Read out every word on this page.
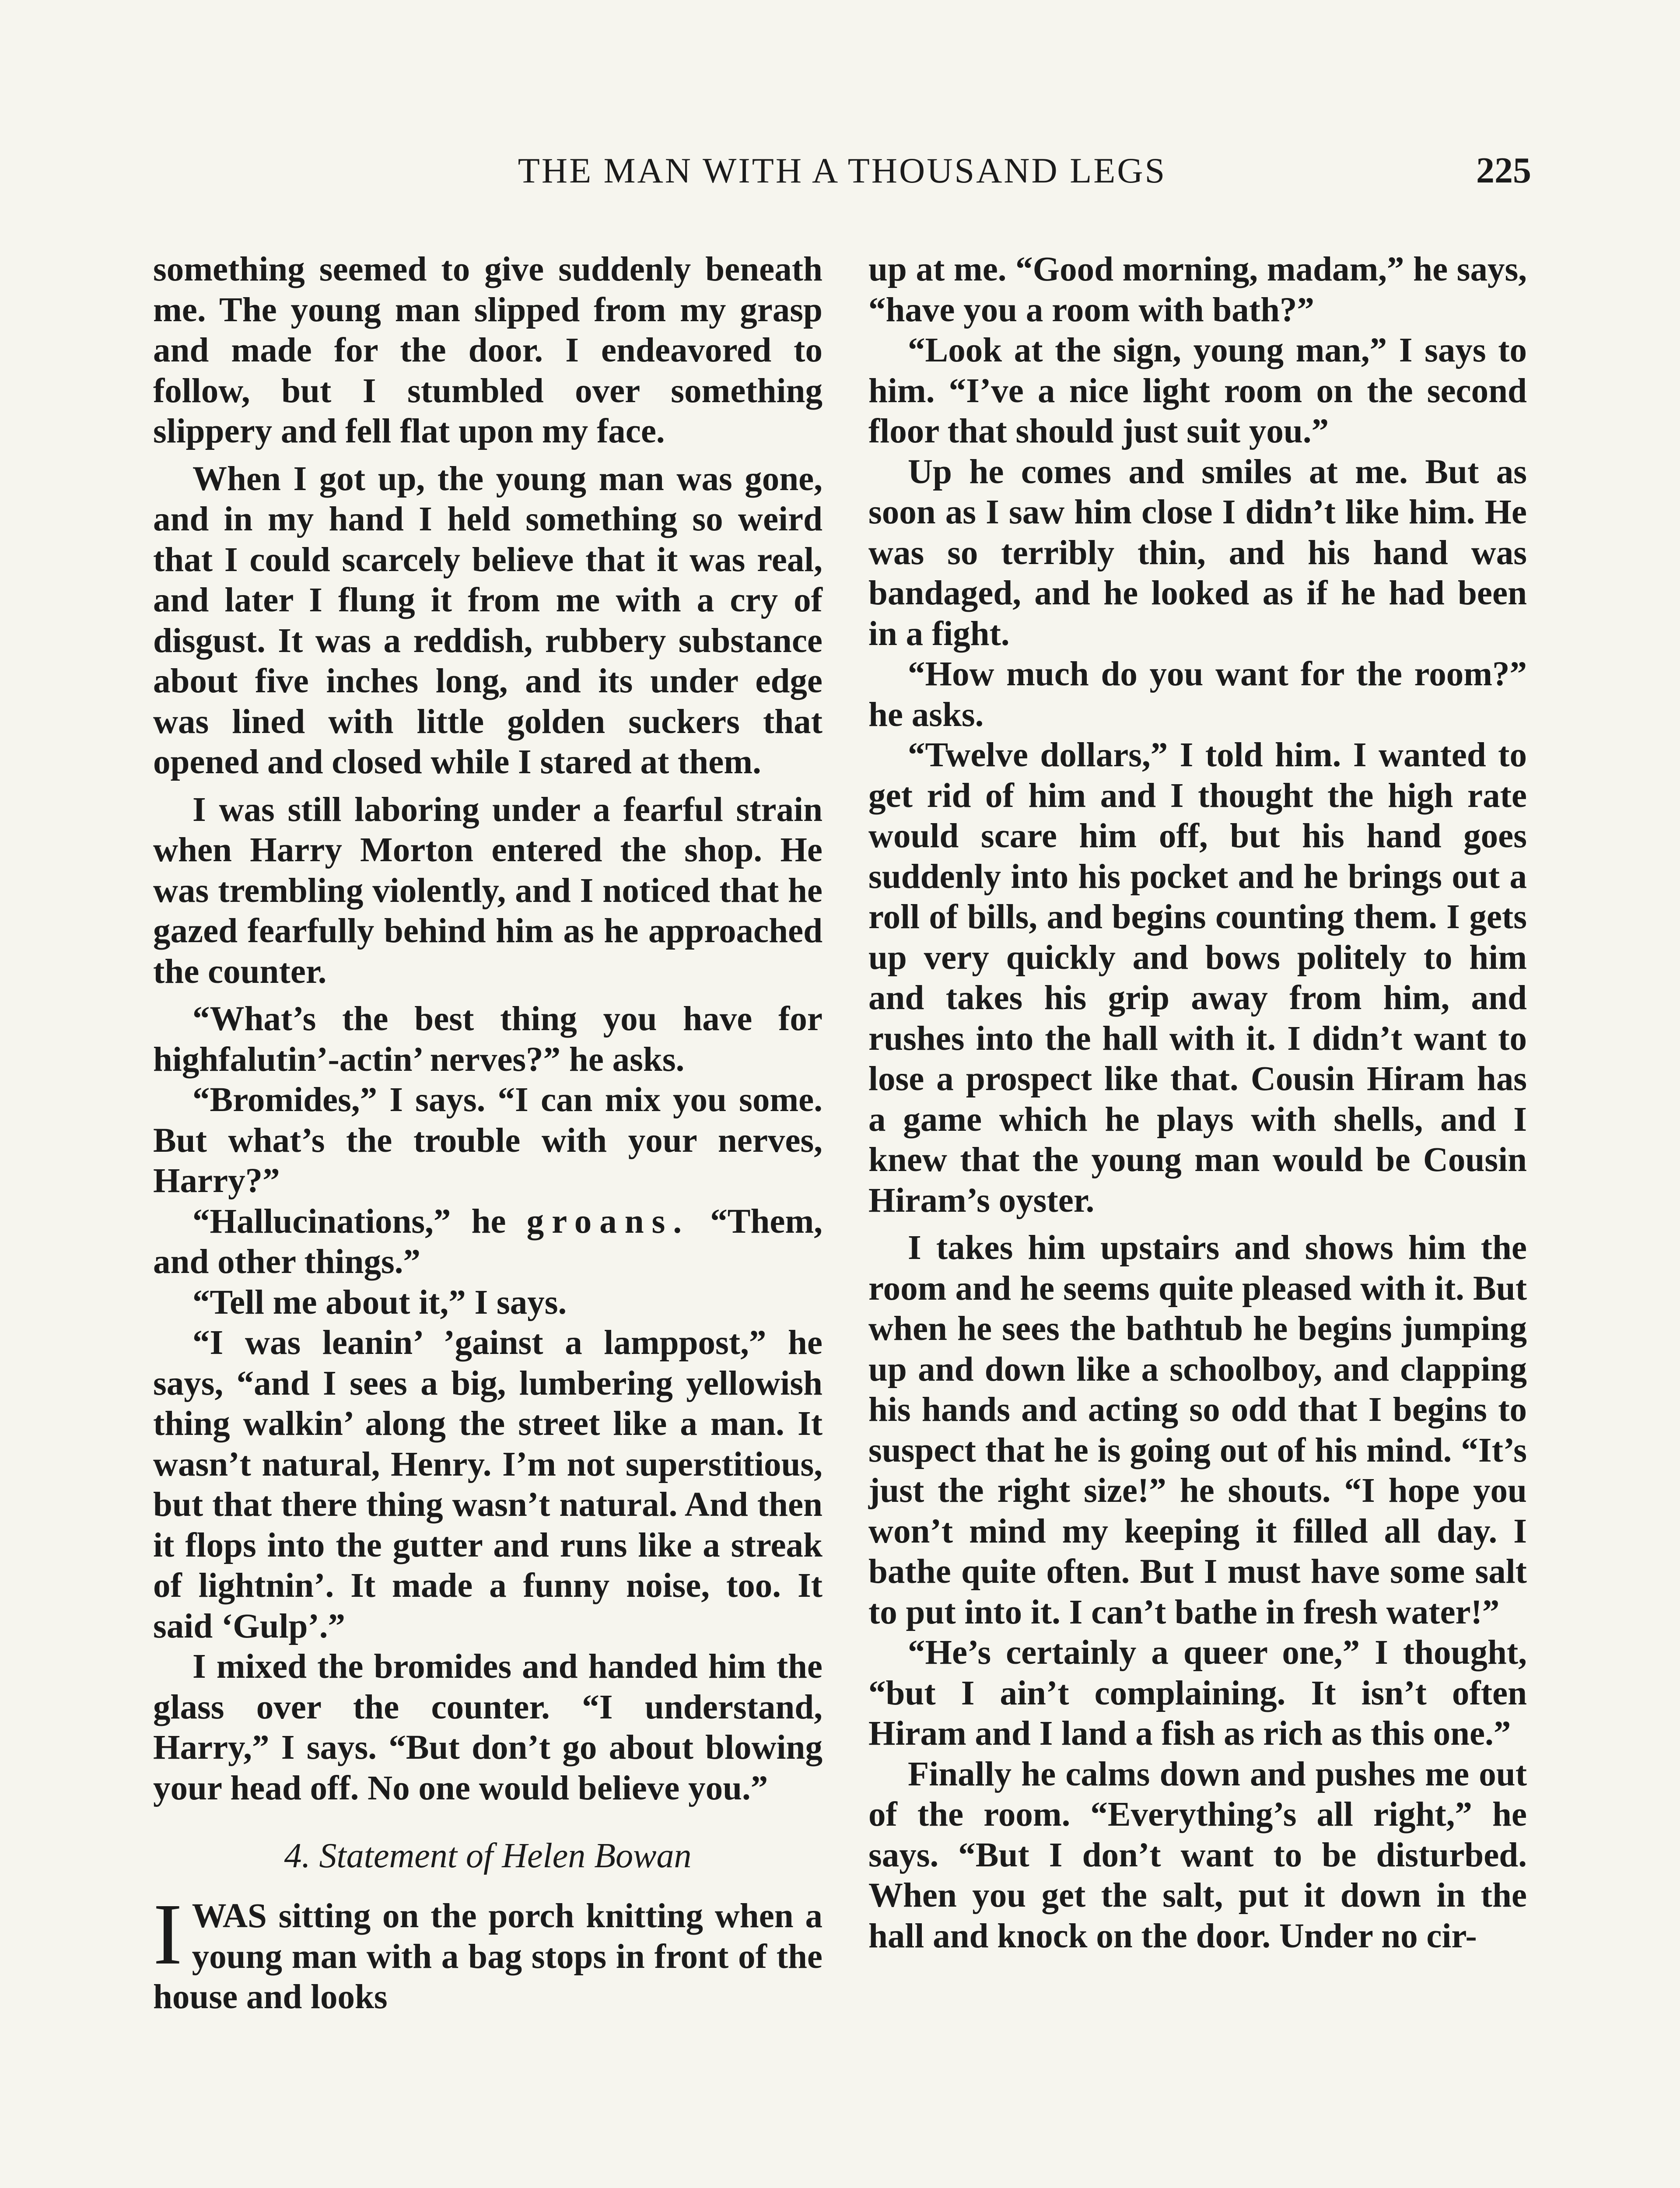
THE MAN WITH A THOUSAND LEGS	225

something seemed to give suddenly beneath me. The young man slipped from my grasp and made for the door. I endeavored to follow, but I stumbled over something slippery and fell flat upon my face.

When I got up, the young man was gone, and in my hand I held something so weird that I could scarcely believe that it was real, and later I flung it from me with a cry of disgust. It was a reddish, rubbery substance about five inches long, and its under edge was lined with little golden suckers that opened and closed while I stared at them.

I was still laboring under a fearful strain when Harry Morton entered the shop. He was trembling violently, and I noticed that he gazed fearfully behind him as he approached the counter.

“What’s the best thing you have for highfalutin’-actin’ nerves?” he asks.

“Bromides,” I says. “I can mix you some. But what’s the trouble with your nerves, Harry?”

“Hallucinations,” he groans. “Them, and other things.”

“Tell me about it,” I says.

“I was leanin’ ’gainst a lamppost,” he says, “and I sees a big, lumbering yellowish thing walkin’ along the street like a man. It wasn’t natural, Henry. I’m not superstitious, but that there thing wasn’t natural. And then it flops into the gutter and runs like a streak of lightnin’. It made a funny noise, too. It said ‘Gulp’.”

I mixed the bromides and handed him the glass over the counter. “I understand, Harry,” I says. “But don’t go about blowing your head off. No one would believe you.”

4. Statement of Helen Bowan

IWAS sitting on the porch knitting when a young man with a bag stops in front of the house and looks

up at me. “Good morning, madam,” he says, “have you a room with bath?”

“Look at the sign, young man,” I says to him. “I’ve a nice light room on the second floor that should just suit you.”

Up he comes and smiles at me. But as soon as I saw him close I didn’t like him. He was so terribly thin, and his hand was bandaged, and he looked as if he had been in a fight.

“How much do you want for the room?” he asks.

“Twelve dollars,” I told him. I wanted to get rid of him and I thought the high rate would scare him off, but his hand goes suddenly into his pocket and he brings out a roll of bills, and begins counting them. I gets up very quickly and bows politely to him and takes his grip away from him, and rushes into the hall with it. I didn’t want to lose a prospect like that. Cousin Hiram has a game which he plays with shells, and I knew that the young man would be Cousin Hiram’s oyster.

I takes him upstairs and shows him the room and he seems quite pleased with it. But when he sees the bathtub he begins jumping up and down like a schoolboy, and clapping his hands and acting so odd that I begins to suspect that he is going out of his mind. “It’s just the right size!” he shouts. “I hope you won’t mind my keeping it filled all day. I bathe quite often. But I must have some salt to put into it. I can’t bathe in fresh water!”

“He’s certainly a queer one,” I thought, “but I ain’t complaining. It isn’t often Hiram and I land a fish as rich as this one.”

Finally he calms down and pushes me out of the room. “Everything’s all right,” he says. “But I don’t want to be disturbed. When you get the salt, put it down in the hall and knock on the door. Under no cir-
